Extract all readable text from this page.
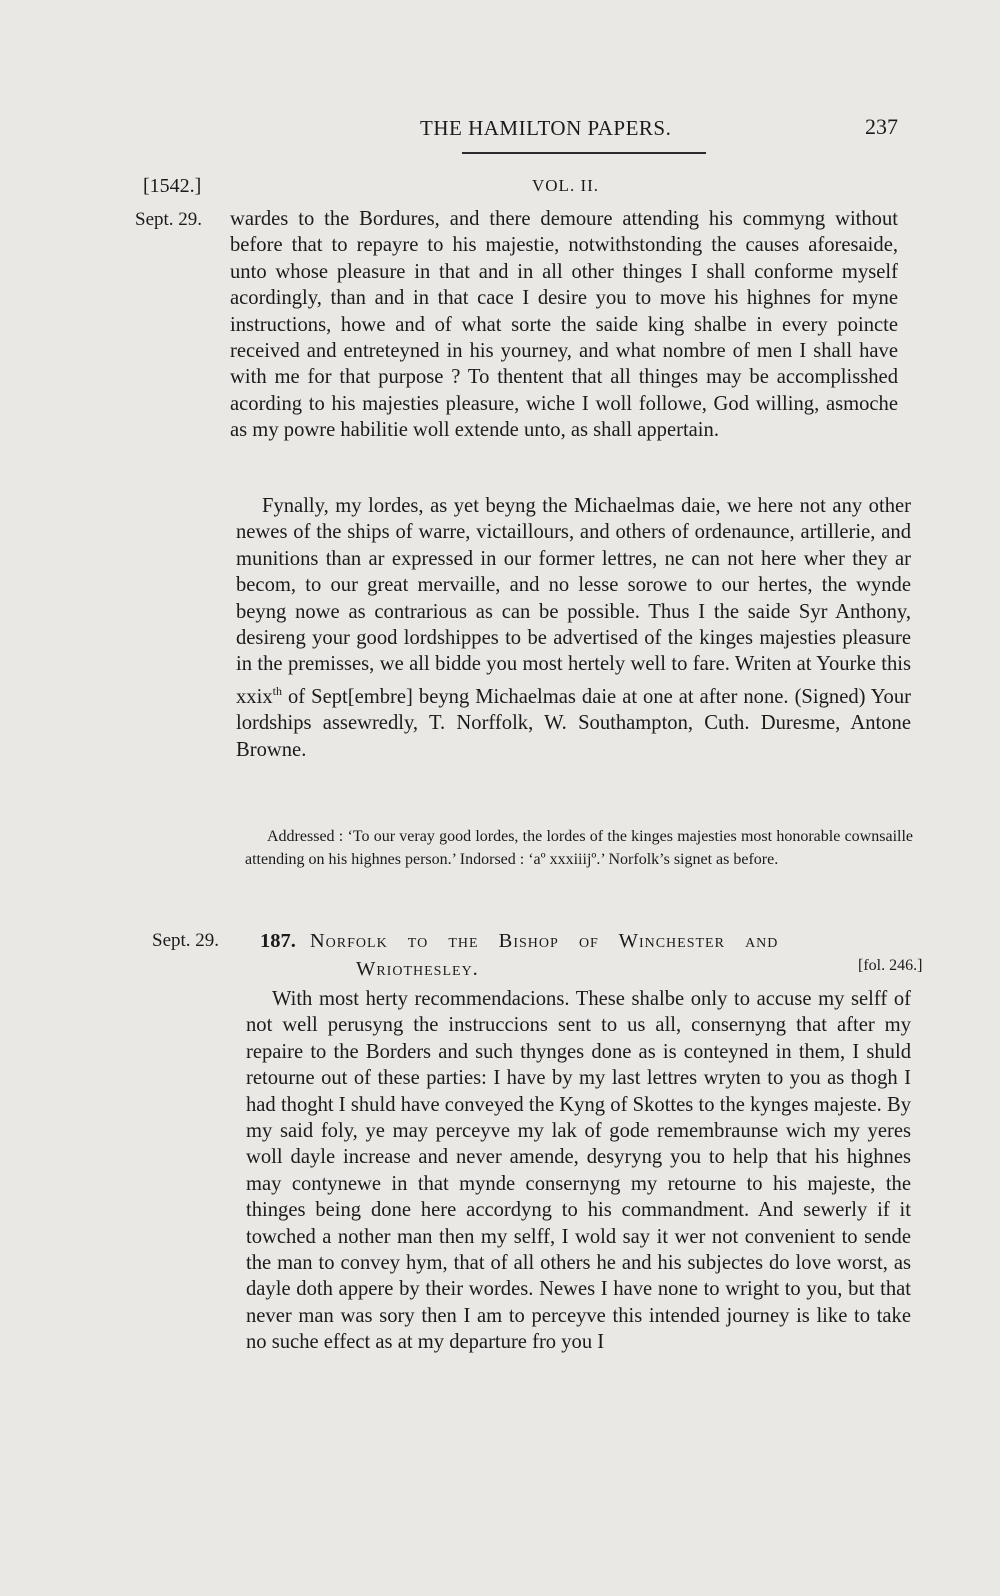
THE HAMILTON PAPERS.	237
[1542.]	VOL. II.
Sept. 29. wardes to the Bordures, and there demoure attending his commyng without before that to repayre to his majestie, notwithstonding the causes aforesaide, unto whose pleasure in that and in all other thinges I shall conforme myself acordingly, than and in that cace I desire you to move his highnes for myne instructions, howe and of what sorte the saide king shalbe in every poincte received and entreteyned in his yourney, and what nombre of men I shall have with me for that purpose ? To thentent that all thinges may be accomplisshed acording to his majesties pleasure, wiche I woll followe, God willing, asmoche as my powre habilitie woll extende unto, as shall appertain.

Fynally, my lordes, as yet beyng the Michaelmas daie, we here not any other newes of the ships of warre, victaillours, and others of ordenaunce, artillerie, and munitions than ar expressed in our former lettres, ne can not here wher they ar becom, to our great mervaille, and no lesse sorowe to our hertes, the wynde beyng nowe as contrarious as can be possible. Thus I the saide Syr Anthony, desireng your good lordshippes to be advertised of the kinges majesties pleasure in the premisses, we all bidde you most hertely well to fare. Writen at Yourke this xxix$^{th}$ of Sept[embre] beyng Michaelmas daie at one at after none. (Signed) Your lordships assewredly, T. Norffolk, W. Southampton, Cuth. Duresme, Antone Browne.

Addressed : ‘To our veray good lordes, the lordes of the kinges majesties most honorable cownsaille attending on his highnes person.’ Indorsed : ‘aº xxxiiijº.’ Norfolk’s signet as before.
Sept. 29. 187. Norfolk to the Bishop of Winchester and
Wriothesley.	[fol. 246.]

With most herty recommendacions. These shalbe only to accuse my selff of not well perusyng the instruccions sent to us all, consernyng that after my repaire to the Borders and such thynges done as is conteyned in them, I shuld retourne out of these parties: I have by my last lettres wryten to you as thogh I had thoght I shuld have conveyed the Kyng of Skottes to the kynges majeste. By my said foly, ye may perceyve my lak of gode remembraunse wich my yeres woll dayle increase and never amende, desyryng you to help that his highnes may contynewe in that mynde consernyng my retourne to his majeste, the thinges being done here accordyng to his commandment. And sewerly if it towched a nother man then my selff, I wold say it wer not convenient to sende the man to convey hym, that of all others he and his subjectes do love worst, as dayle doth appere by their wordes. Newes I have none to wright to you, but that never man was sory then I am to perceyve this intended journey is like to take no suche effect as at my departure fro you I
